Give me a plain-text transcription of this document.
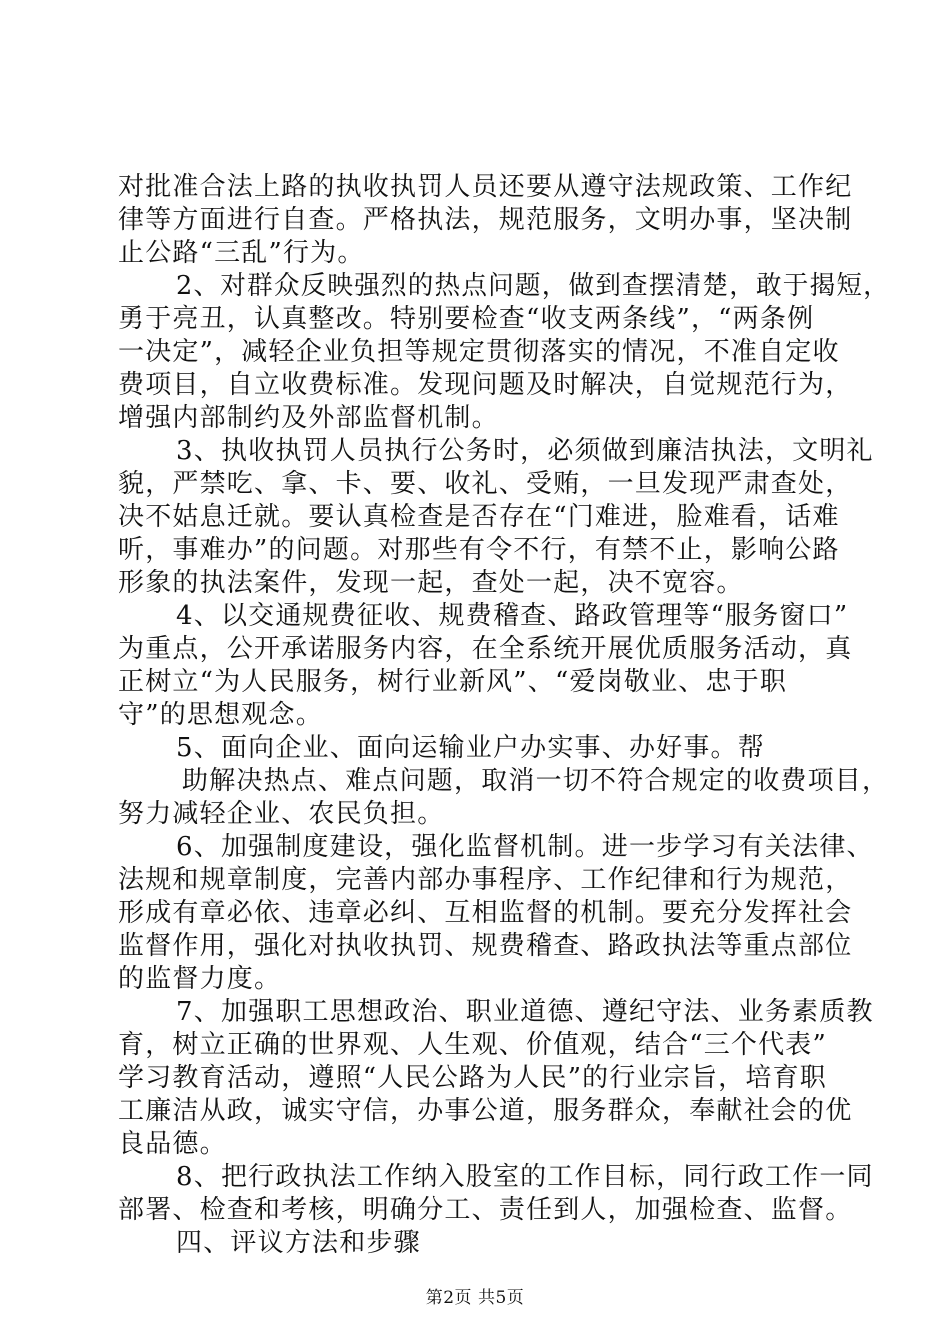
对批准合法上路的执收执罚人员还要从遵守法规政策、工作纪
律等方面进行自查。严格执法，规范服务，文明办事，坚决制
止公路“三乱”行为。
2、对群众反映强烈的热点问题，做到查摆清楚，敢于揭短，
勇于亮丑，认真整改。特别要检查“收支两条线”，“两条例
一决定”，减轻企业负担等规定贯彻落实的情况，不准自定收
费项目，自立收费标准。发现问题及时解决，自觉规范行为，
增强内部制约及外部监督机制。
3、执收执罚人员执行公务时，必须做到廉洁执法，文明礼
貌，严禁吃、拿、卡、要、收礼、受贿，一旦发现严肃查处，
决不姑息迁就。要认真检查是否存在“门难进，脸难看，话难
听，事难办”的问题。对那些有令不行，有禁不止，影响公路
形象的执法案件，发现一起，查处一起，决不宽容。
4、以交通规费征收、规费稽查、路政管理等“服务窗口”
为重点，公开承诺服务内容，在全系统开展优质服务活动，真
正树立“为人民服务，树行业新风”、“爱岗敬业、忠于职
守”的思想观念。
5、面向企业、面向运输业户办实事、办好事。帮
助解决热点、难点问题，取消一切不符合规定的收费项目，
努力减轻企业、农民负担。
6、加强制度建设，强化监督机制。进一步学习有关法律、
法规和规章制度，完善内部办事程序、工作纪律和行为规范，
形成有章必依、违章必纠、互相监督的机制。要充分发挥社会
监督作用，强化对执收执罚、规费稽查、路政执法等重点部位
的监督力度。
7、加强职工思想政治、职业道德、遵纪守法、业务素质教
育，树立正确的世界观、人生观、价值观，结合“三个代表”
学习教育活动，遵照“人民公路为人民”的行业宗旨，培育职
工廉洁从政，诚实守信，办事公道，服务群众，奉献社会的优
良品德。
8、把行政执法工作纳入股室的工作目标，同行政工作一同
部署、检查和考核，明确分工、责任到人，加强检查、监督。
四、评议方法和步骤
第2页 共5页
